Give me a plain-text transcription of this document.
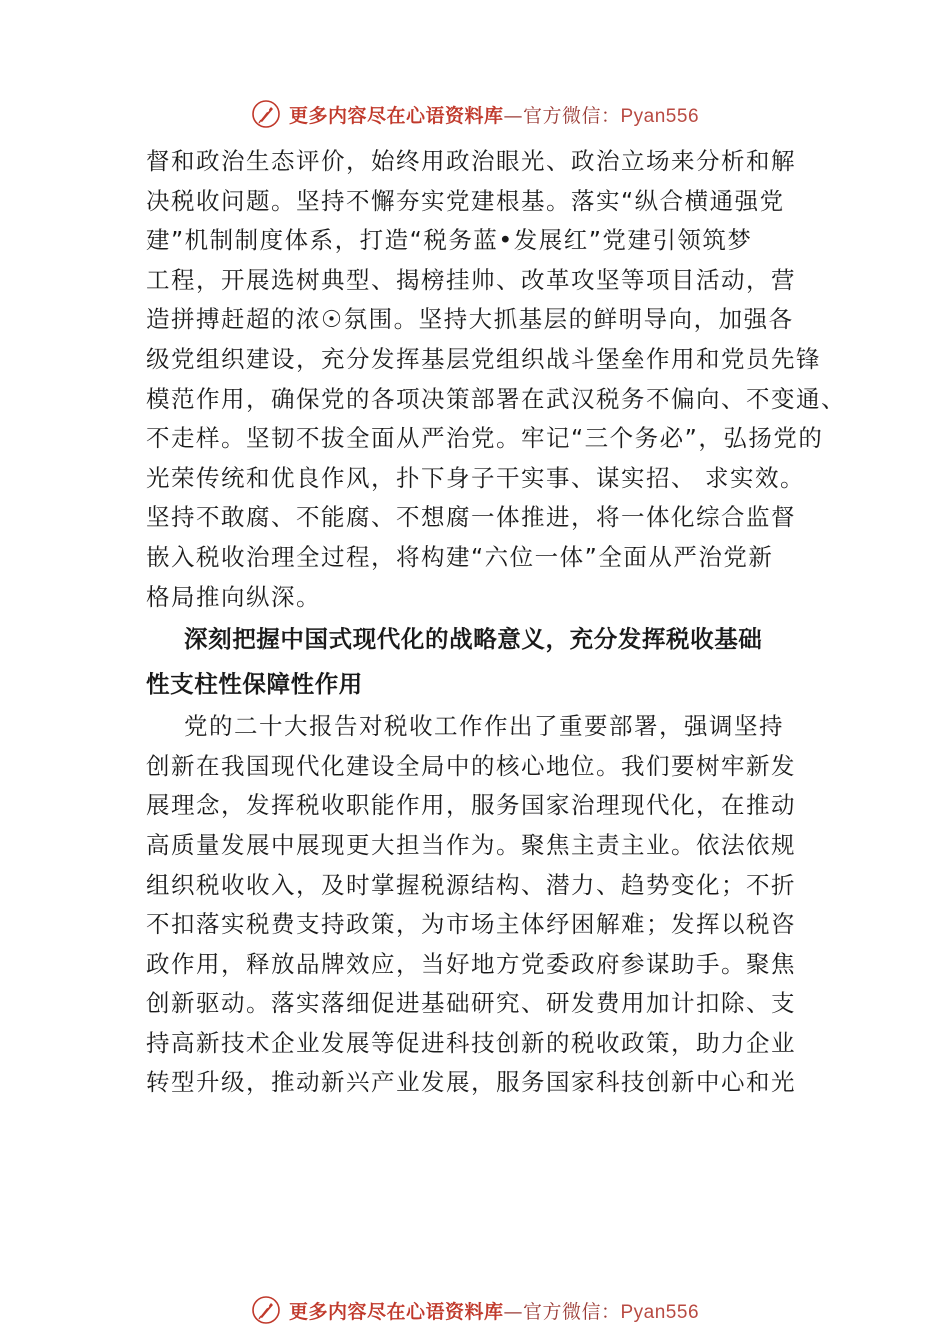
更多内容尽在心语资料库—官方微信：Pyan556
督和政治生态评价，始终用政治眼光、政治立场来分析和解
决税收问题。坚持不懈夯实党建根基。落实“纵合横通强党
建”机制制度体系，打造“税务蓝•发展红”党建引领筑梦
工程，开展选树典型、揭榜挂帅、改革攻坚等项目活动，营
造拼搏赶超的浓☉氛围。坚持大抓基层的鲜明导向，加强各
级党组织建设，充分发挥基层党组织战斗堡垒作用和党员先锋
模范作用，确保党的各项决策部署在武汉税务不偏向、不变通、
不走样。坚韧不拔全面从严治党。牢记“三个务必”，弘扬党的
光荣传统和优良作风，扑下身子干实事、谋实招、 求实效。
坚持不敢腐、不能腐、不想腐一体推进，将一体化综合监督
嵌入税收治理全过程，将构建“六位一体”全面从严治党新
格局推向纵深。
深刻把握中国式现代化的战略意义，充分发挥税收基础
性支柱性保障性作用
党的二十大报告对税收工作作出了重要部署，强调坚持
创新在我国现代化建设全局中的核心地位。我们要树牢新发
展理念，发挥税收职能作用，服务国家治理现代化，在推动
高质量发展中展现更大担当作为。聚焦主责主业。依法依规
组织税收收入，及时掌握税源结构、潜力、趋势变化；不折
不扣落实税费支持政策，为市场主体纾困解难；发挥以税咨
政作用，释放品牌效应，当好地方党委政府参谋助手。聚焦
创新驱动。落实落细促进基础研究、研发费用加计扣除、支
持高新技术企业发展等促进科技创新的税收政策，助力企业
转型升级，推动新兴产业发展，服务国家科技创新中心和光
更多内容尽在心语资料库—官方微信：Pyan556
